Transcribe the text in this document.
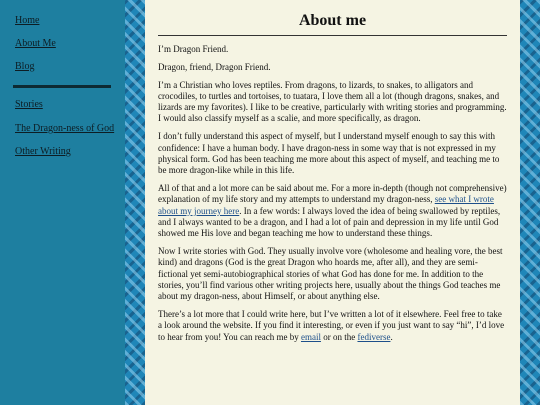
Home
About Me
Blog
Stories
The Dragon-ness of God
Other Writing
About me

I’m Dragon Friend.

Dragon, friend, Dragon Friend.

I’m a Christian who loves reptiles. From dragons, to lizards, to snakes, to alligators and crocodiles, to turtles and tortoises, to tuatara, I love them all a lot (though dragons, snakes, and lizards are my favorites). I like to be creative, particularly with writing stories and programming. I would also classify myself as a scalie, and more specifically, as dragon.

I don’t fully understand this aspect of myself, but I understand myself enough to say this with confidence: I have a human body. I have dragon-ness in some way that is not expressed in my physical form. God has been teaching me more about this aspect of myself, and teaching me to be more dragon-like while in this life.

All of that and a lot more can be said about me. For a more in-depth (though not comprehensive) explanation of my life story and my attempts to understand my dragon-ness, see what I wrote about my journey here. In a few words: I always loved the idea of being swallowed by reptiles, and I always wanted to be a dragon, and I had a lot of pain and depression in my life until God showed me His love and began teaching me how to understand these things.

Now I write stories with God. They usually involve vore (wholesome and healing vore, the best kind) and dragons (God is the great Dragon who hoards me, after all), and they are semi-fictional yet semi-autobiographical stories of what God has done for me. In addition to the stories, you’ll find various other writing projects here, usually about the things God teaches me about my dragon-ness, about Himself, or about anything else.

There’s a lot more that I could write here, but I’ve written a lot of it elsewhere. Feel free to take a look around the website. If you find it interesting, or even if you just want to say “hi”, I’d love to hear from you! You can reach me by email or on the fediverse.
